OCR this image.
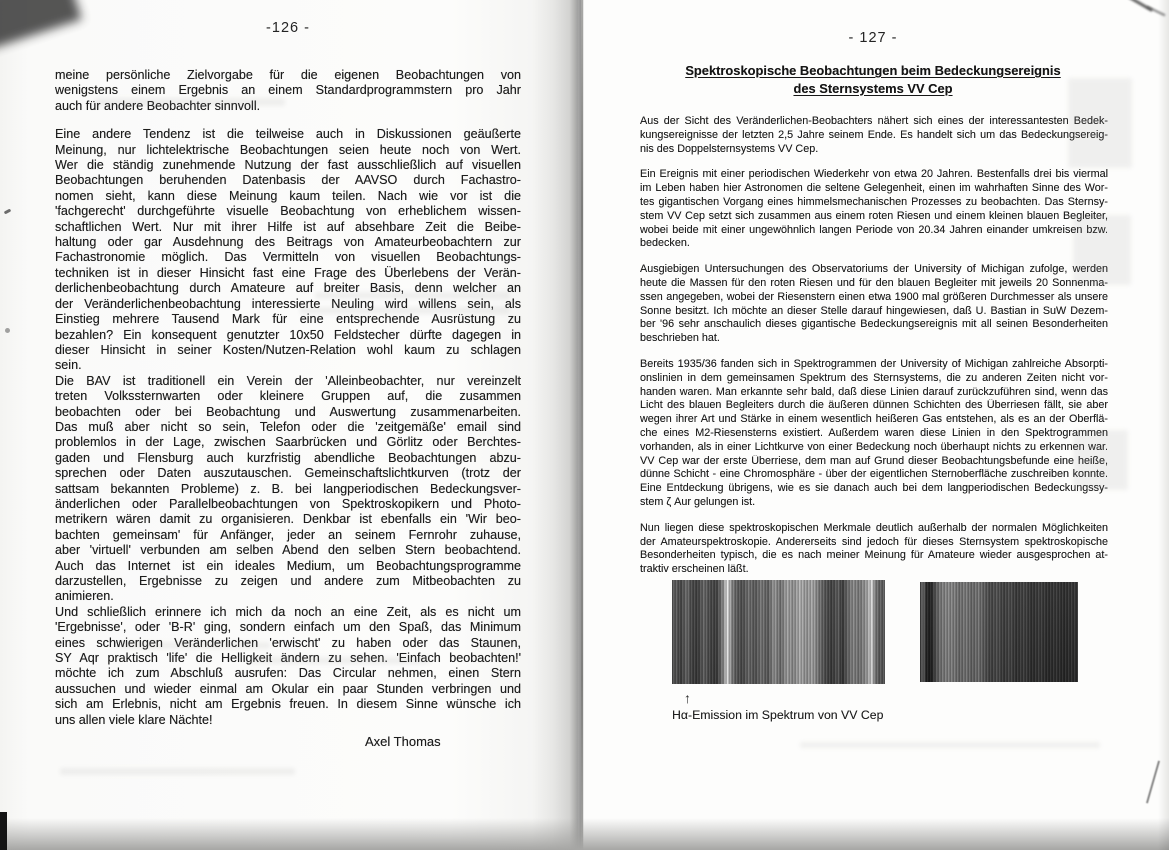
-126 -
meine persönliche Zielvorgabe für die eigenen Beobachtungen von
wenigstens einem Ergebnis an einem Standardprogrammstern pro Jahr
auch für andere Beobachter sinnvoll.
Eine andere Tendenz ist die teilweise auch in Diskussionen geäußerte
Meinung, nur lichtelektrische Beobachtungen seien heute noch von Wert.
Wer die ständig zunehmende Nutzung der fast ausschließlich auf visuellen
Beobachtungen beruhenden Datenbasis der AAVSO durch Fachastro-
nomen sieht, kann diese Meinung kaum teilen. Nach wie vor ist die
'fachgerecht' durchgeführte visuelle Beobachtung von erheblichem wissen-
schaftlichen Wert. Nur mit ihrer Hilfe ist auf absehbare Zeit die Beibe-
haltung oder gar Ausdehnung des Beitrags von Amateurbeobachtern zur
Fachastronomie möglich. Das Vermitteln von visuellen Beobachtungs-
techniken ist in dieser Hinsicht fast eine Frage des Überlebens der Verän-
derlichenbeobachtung durch Amateure auf breiter Basis, denn welcher an
der Veränderlichenbeobachtung interessierte Neuling wird willens sein, als
Einstieg mehrere Tausend Mark für eine entsprechende Ausrüstung zu
bezahlen? Ein konsequent genutzter 10x50 Feldstecher dürfte dagegen in
dieser Hinsicht in seiner Kosten/Nutzen-Relation wohl kaum zu schlagen
sein.
Die BAV ist traditionell ein Verein der 'Alleinbeobachter, nur vereinzelt
treten Volkssternwarten oder kleinere Gruppen auf, die zusammen
beobachten oder bei Beobachtung und Auswertung zusammenarbeiten.
Das muß aber nicht so sein, Telefon oder die 'zeitgemäße' email sind
problemlos in der Lage, zwischen Saarbrücken und Görlitz oder Berchtes-
gaden und Flensburg auch kurzfristig abendliche Beobachtungen abzu-
sprechen oder Daten auszutauschen. Gemeinschaftslichtkurven (trotz der
sattsam bekannten Probleme) z. B. bei langperiodischen Bedeckungsver-
änderlichen oder Parallelbeobachtungen von Spektroskopikern und Photo-
metrikern wären damit zu organisieren. Denkbar ist ebenfalls ein 'Wir beo-
bachten gemeinsam' für Anfänger, jeder an seinem Fernrohr zuhause,
aber 'virtuell' verbunden am selben Abend den selben Stern beobachtend.
Auch das Internet ist ein ideales Medium, um Beobachtungsprogramme
darzustellen, Ergebnisse zu zeigen und andere zum Mitbeobachten zu
animieren.
Und schließlich erinnere ich mich da noch an eine Zeit, als es nicht um
'Ergebnisse', oder 'B-R' ging, sondern einfach um den Spaß, das Minimum
eines schwierigen Veränderlichen 'erwischt' zu haben oder das Staunen,
SY Aqr praktisch 'life' die Helligkeit ändern zu sehen. 'Einfach beobachten!'
möchte ich zum Abschluß ausrufen: Das Circular nehmen, einen Stern
aussuchen und wieder einmal am Okular ein paar Stunden verbringen und
sich am Erlebnis, nicht am Ergebnis freuen. In diesem Sinne wünsche ich
uns allen viele klare Nächte!
Axel Thomas
- 127 -
Spektroskopische Beobachtungen beim Bedeckungsereignis
des Sternsystems VV Cep
Aus der Sicht des Veränderlichen-Beobachters nähert sich eines der interessantesten Bedek-
kungsereignisse der letzten 2,5 Jahre seinem Ende. Es handelt sich um das Bedeckungsereig-
nis des Doppelsternsystems VV Cep.
Ein Ereignis mit einer periodischen Wiederkehr von etwa 20 Jahren. Bestenfalls drei bis viermal
im Leben haben hier Astronomen die seltene Gelegenheit, einen im wahrhaften Sinne des Wor-
tes gigantischen Vorgang eines himmelsmechanischen Prozesses zu beobachten. Das Sternsy-
stem VV Cep setzt sich zusammen aus einem roten Riesen und einem kleinen blauen Begleiter,
wobei beide mit einer ungewöhnlich langen Periode von 20.34 Jahren einander umkreisen bzw.
bedecken.
Ausgiebigen Untersuchungen des Observatoriums der University of Michigan zufolge, werden
heute die Massen für den roten Riesen und für den blauen Begleiter mit jeweils 20 Sonnenma-
ssen angegeben, wobei der Riesenstern einen etwa 1900 mal größeren Durchmesser als unsere
Sonne besitzt. Ich möchte an dieser Stelle darauf hingewiesen, daß U. Bastian in SuW Dezem-
ber '96 sehr anschaulich dieses gigantische Bedeckungsereignis mit all seinen Besonderheiten
beschrieben hat.
Bereits 1935/36 fanden sich in Spektrogrammen der University of Michigan zahlreiche Absorpti-
onslinien in dem gemeinsamen Spektrum des Sternsystems, die zu anderen Zeiten nicht vor-
handen waren. Man erkannte sehr bald, daß diese Linien darauf zurückzuführen sind, wenn das
Licht des blauen Begleiters durch die äußeren dünnen Schichten des Überriesen fällt, sie aber
wegen ihrer Art und Stärke in einem wesentlich heißeren Gas entstehen, als es an der Oberflä-
che eines M2-Riesensterns existiert. Außerdem waren diese Linien in den Spektrogrammen
vorhanden, als in einer Lichtkurve von einer Bedeckung noch überhaupt nichts zu erkennen war.
VV Cep war der erste Überriese, dem man auf Grund dieser Beobachtungsbefunde eine heiße,
dünne Schicht - eine Chromosphäre - über der eigentlichen Sternoberfläche zuschreiben konnte.
Eine Entdeckung übrigens, wie es sie danach auch bei dem langperiodischen Bedeckungssy-
stem ζ Aur gelungen ist.
Nun liegen diese spektroskopischen Merkmale deutlich außerhalb der normalen Möglichkeiten
der Amateurspektroskopie. Andererseits sind jedoch für dieses Sternsystem spektroskopische
Besonderheiten typisch, die es nach meiner Meinung für Amateure wieder ausgesprochen at-
traktiv erscheinen läßt.
↑
Hα-Emission im Spektrum von VV Cep
